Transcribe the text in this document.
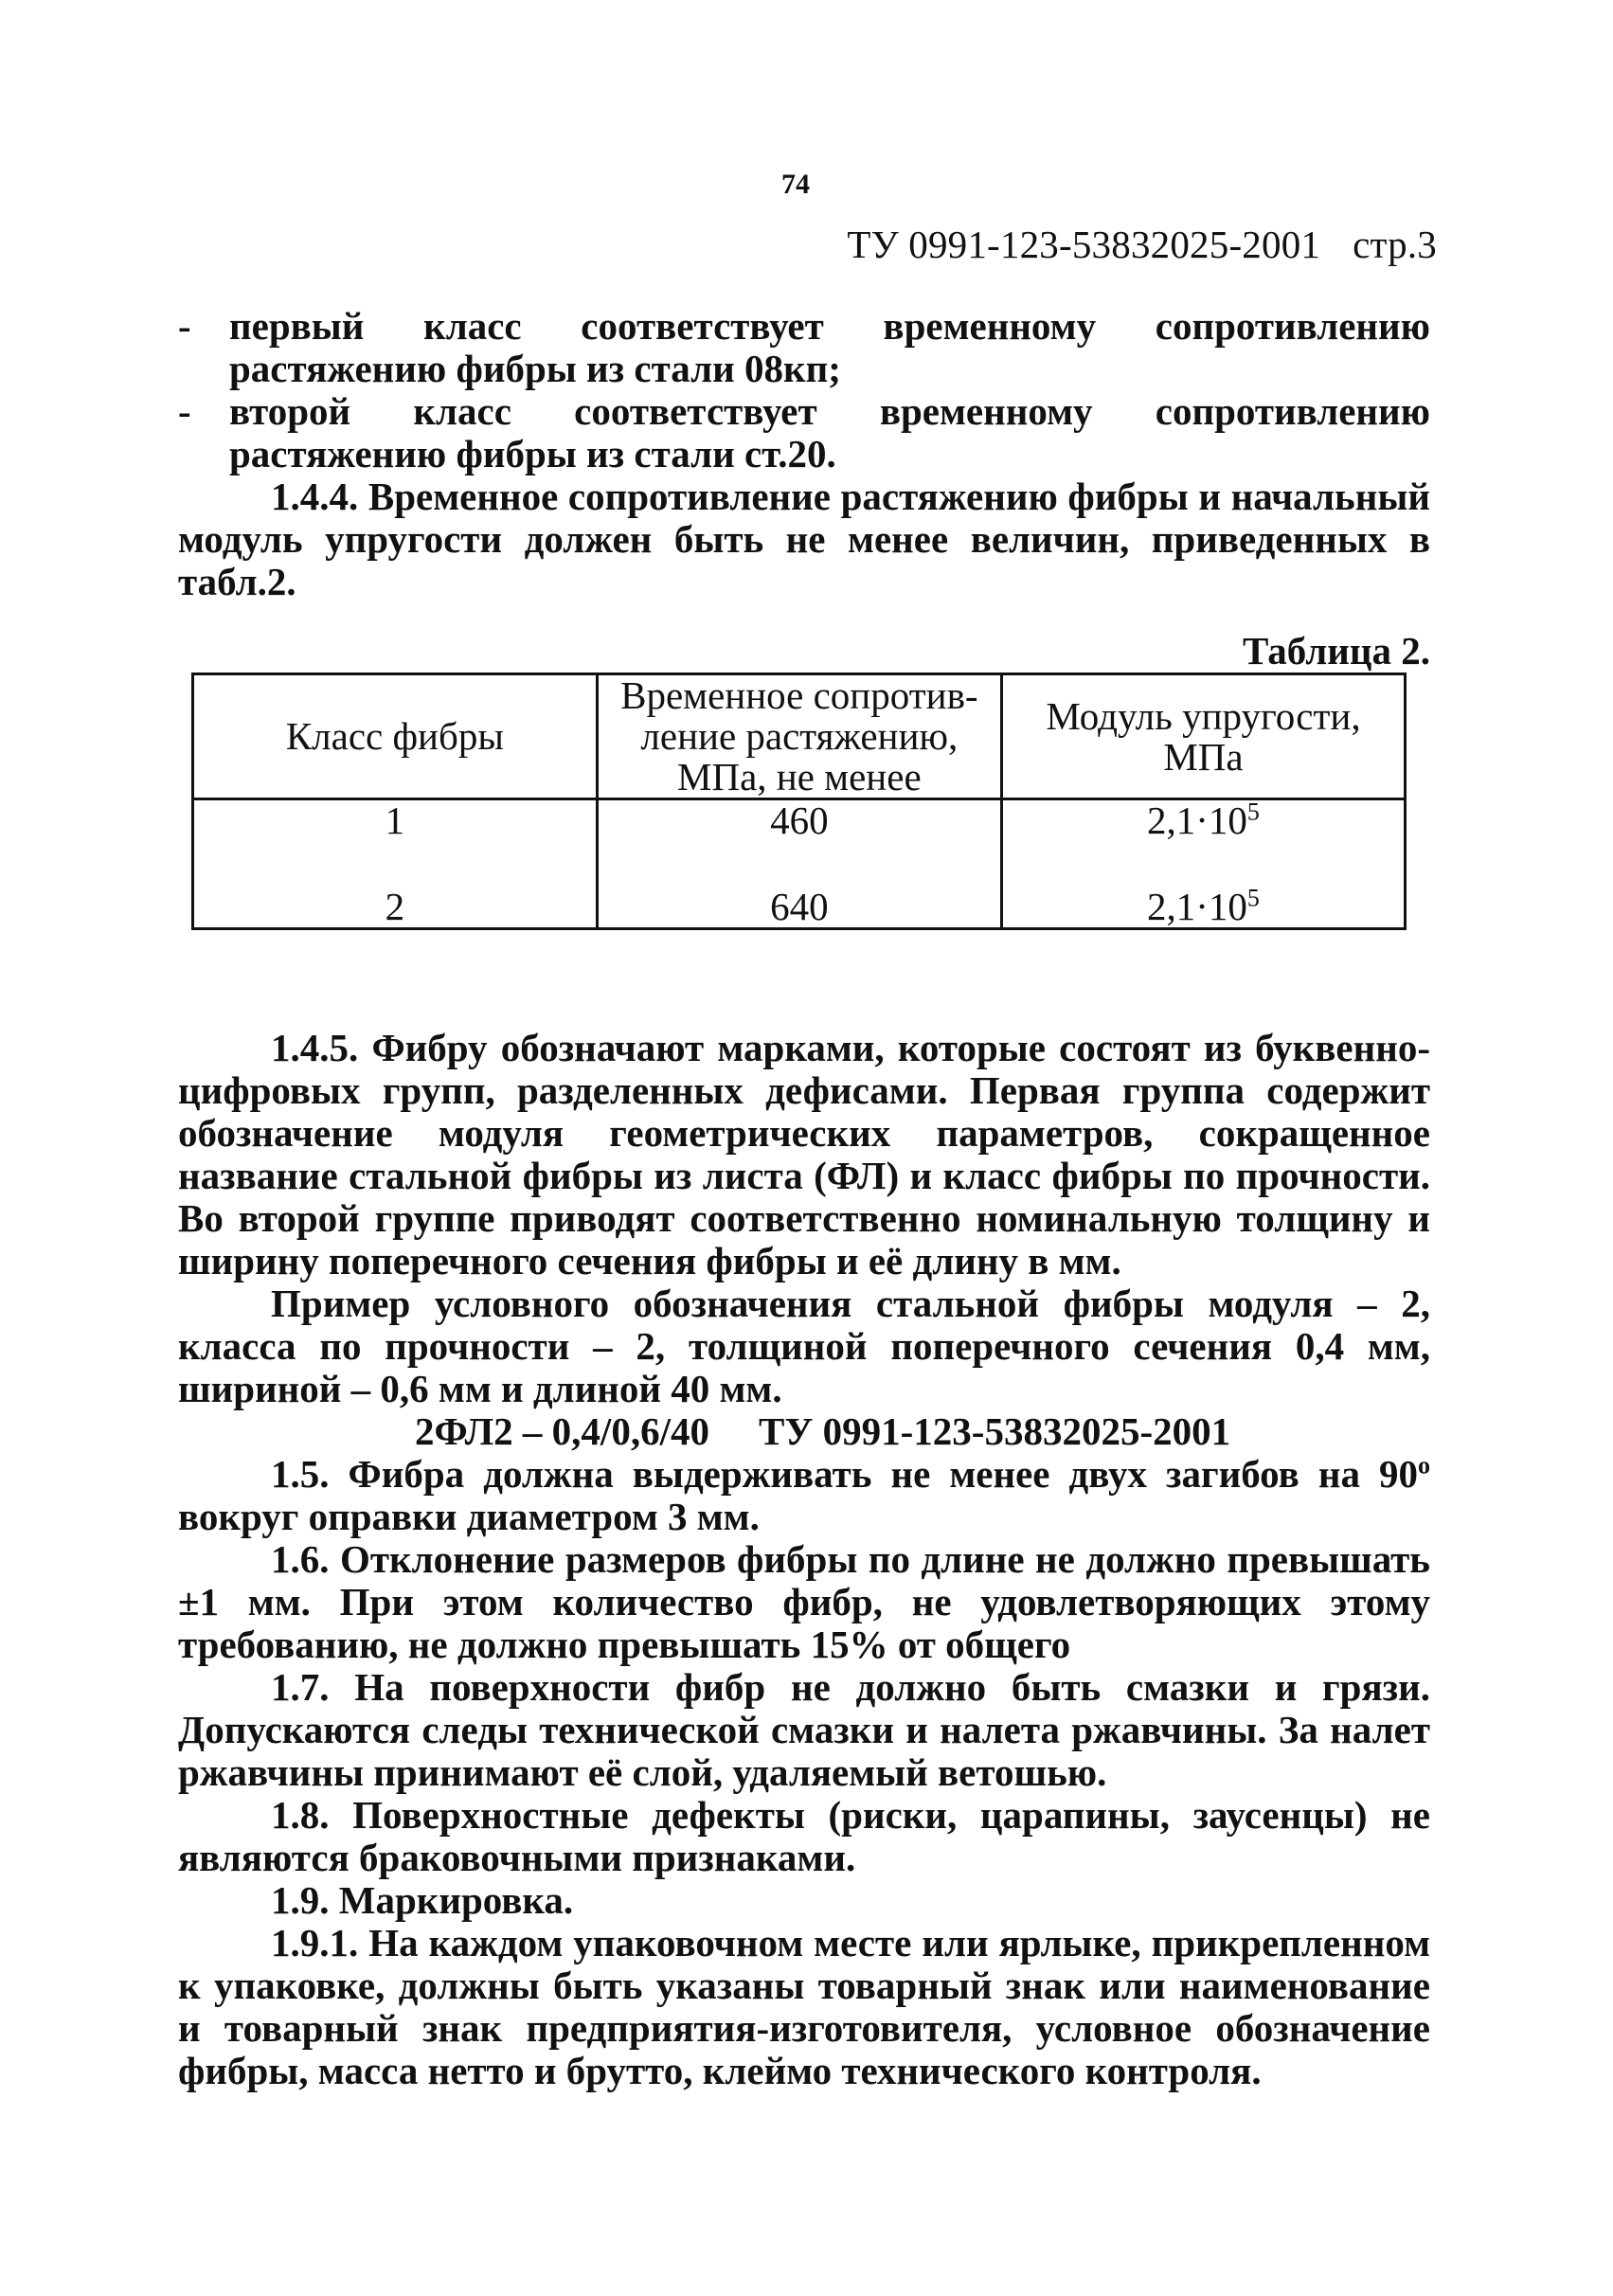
74
ТУ 0991-123-53832025-2001 стр.3
- первый класс соответствует временному сопротивлению растяжению фибры из стали 08кп;
- второй класс соответствует временному сопротивлению растяжению фибры из стали ст.20.

1.4.4. Временное сопротивление растяжению фибры и начальный модуль упругости должен быть не менее величин, приведенных в табл.2.

Таблица 2.

Класс фибры	Временное сопротив-ление растяжению, МПа, не менее	Модуль упругости, МПа
1	460	$2,1\cdot 10^5$
2	640	$2,1\cdot 10^5$

1.4.5. Фибру обозначают марками, которые состоят из буквенно-цифровых групп, разделенных дефисами. Первая группа содержит обозначение модуля геометрических параметров, сокращенное название стальной фибры из листа (ФЛ) и класс фибры по прочности. Во второй группе приводят соответственно номинальную толщину и ширину поперечного сечения фибры и её длину в мм.

Пример условного обозначения стальной фибры модуля – 2, класса по прочности – 2, толщиной поперечного сечения 0,4 мм, шириной – 0,6 мм и длиной 40 мм.

2ФЛ2 – 0,4/0,6/40 ТУ 0991-123-53832025-2001

1.5. Фибра должна выдерживать не менее двух загибов на $90^о$ вокруг оправки диаметром 3 мм.

1.6. Отклонение размеров фибры по длине не должно превышать ±1 мм. При этом количество фибр, не удовлетворяющих этому требованию, не должно превышать 15% от общего

1.7. На поверхности фибр не должно быть смазки и грязи. Допускаются следы технической смазки и налета ржавчины. За налет ржавчины принимают её слой, удаляемый ветошью.

1.8. Поверхностные дефекты (риски, царапины, заусенцы) не являются браковочными признаками.

1.9. Маркировка.

1.9.1. На каждом упаковочном месте или ярлыке, прикрепленном к упаковке, должны быть указаны товарный знак или наименование и товарный знак предприятия-изготовителя, условное обозначение фибры, масса нетто и брутто, клеймо технического контроля.
